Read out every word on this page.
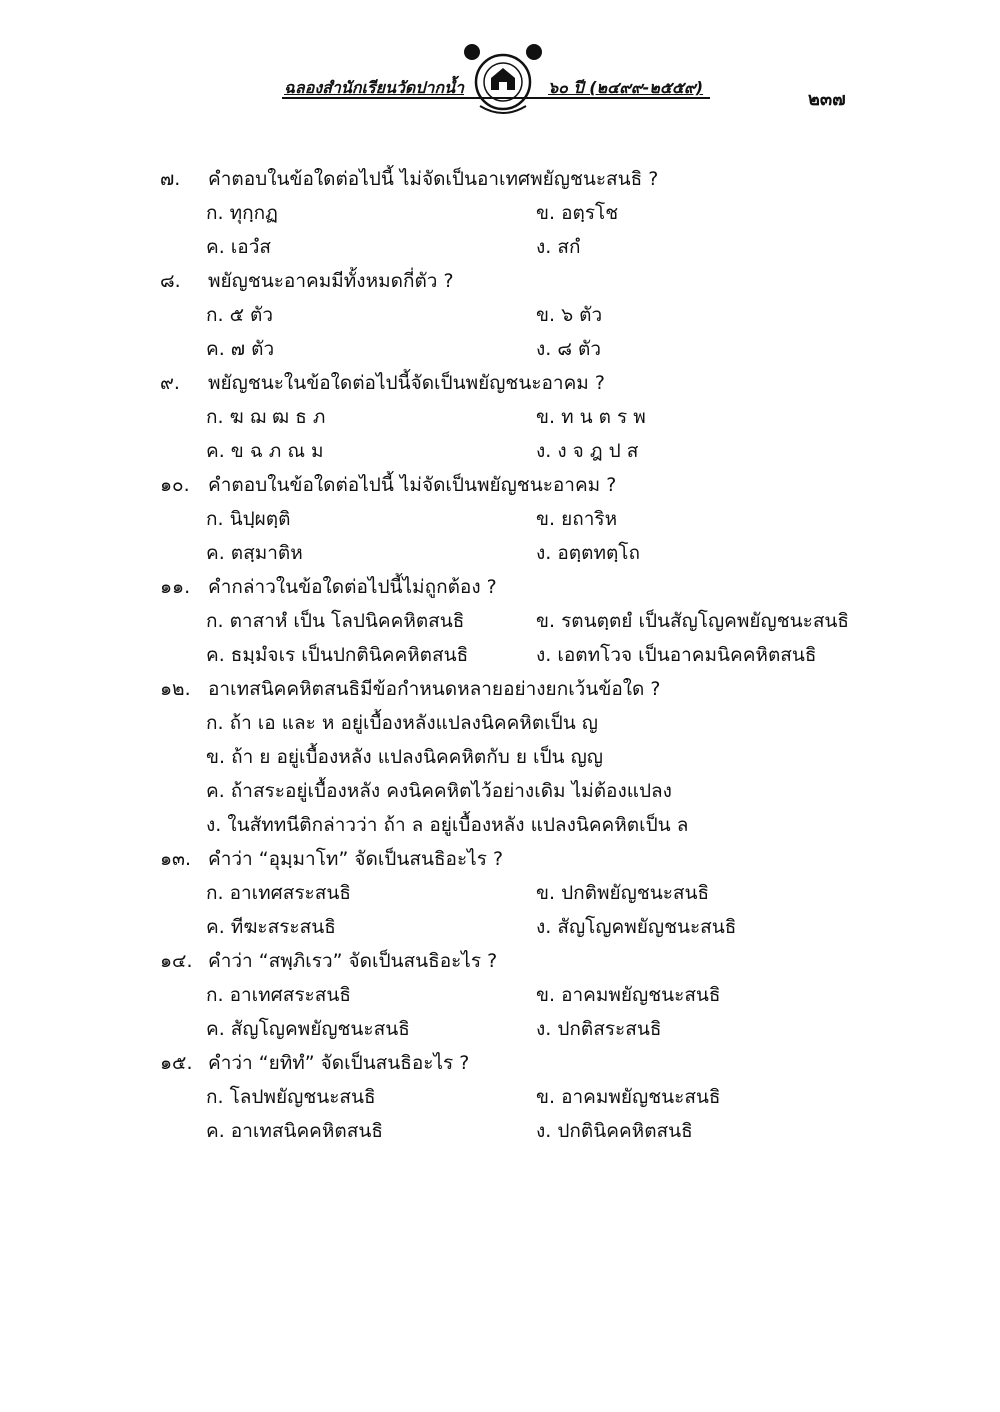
ฉลองสำนักเรียนวัดปากน้ำ	๖๐ ปี (๒๔๙๙-๒๕๕๙)
๒๓๗
๗.	คำตอบในข้อใดต่อไปนี้ ไม่จัดเป็นอาเทศพยัญชนะสนธิ ?
ก. ทุกฺกฏ	ข. อตฺรโช
ค. เอวํส	ง. สกํ
๘.	พยัญชนะอาคมมีทั้งหมดกี่ตัว ?
ก. ๕ ตัว	ข. ๖ ตัว
ค. ๗ ตัว	ง. ๘ ตัว
๙.	พยัญชนะในข้อใดต่อไปนี้จัดเป็นพยัญชนะอาคม ?
ก. ฆ ฌ ฒ ธ ภ	ข. ท น ต ร พ
ค. ข ฉ ภ ณ ม	ง. ง จ ฎ ป ส
๑๐. คำตอบในข้อใดต่อไปนี้ ไม่จัดเป็นพยัญชนะอาคม ?
ก. นิปฺผตฺติ	ข. ยถาริห
ค. ตสฺมาติห	ง. อตฺตทตฺโถ
๑๑. คำกล่าวในข้อใดต่อไปนี้ไม่ถูกต้อง ?
ก. ตาสาหํ เป็น โลปนิคคหิตสนธิ	ข. รตนตฺตยํ เป็นสัญโญคพยัญชนะสนธิ
ค. ธมฺมํจเร เป็นปกตินิคคหิตสนธิ	ง. เอตทโวจ เป็นอาคมนิคคหิตสนธิ
๑๒. อาเทสนิคคหิตสนธิมีข้อกำหนดหลายอย่างยกเว้นข้อใด ?
ก. ถ้า เอ และ ห อยู่เบื้องหลังแปลงนิคคหิตเป็น ญ
ข. ถ้า ย อยู่เบื้องหลัง แปลงนิคคหิตกับ ย เป็น ญญ
ค. ถ้าสระอยู่เบื้องหลัง คงนิคคหิตไว้อย่างเดิม ไม่ต้องแปลง
ง. ในสัททนีติกล่าวว่า ถ้า ล อยู่เบื้องหลัง แปลงนิคคหิตเป็น ล
๑๓. คำว่า “อุมฺมาโท” จัดเป็นสนธิอะไร ?
ก. อาเทศสระสนธิ	ข. ปกติพยัญชนะสนธิ
ค. ทีฆะสระสนธิ	ง. สัญโญคพยัญชนะสนธิ
๑๔. คำว่า “สพฺภิเรว” จัดเป็นสนธิอะไร ?
ก. อาเทศสระสนธิ	ข. อาคมพยัญชนะสนธิ
ค. สัญโญคพยัญชนะสนธิ	ง. ปกติสระสนธิ
๑๕. คำว่า “ยทิทํ” จัดเป็นสนธิอะไร ?
ก. โลปพยัญชนะสนธิ	ข. อาคมพยัญชนะสนธิ
ค. อาเทสนิคคหิตสนธิ	ง. ปกตินิคคหิตสนธิ
